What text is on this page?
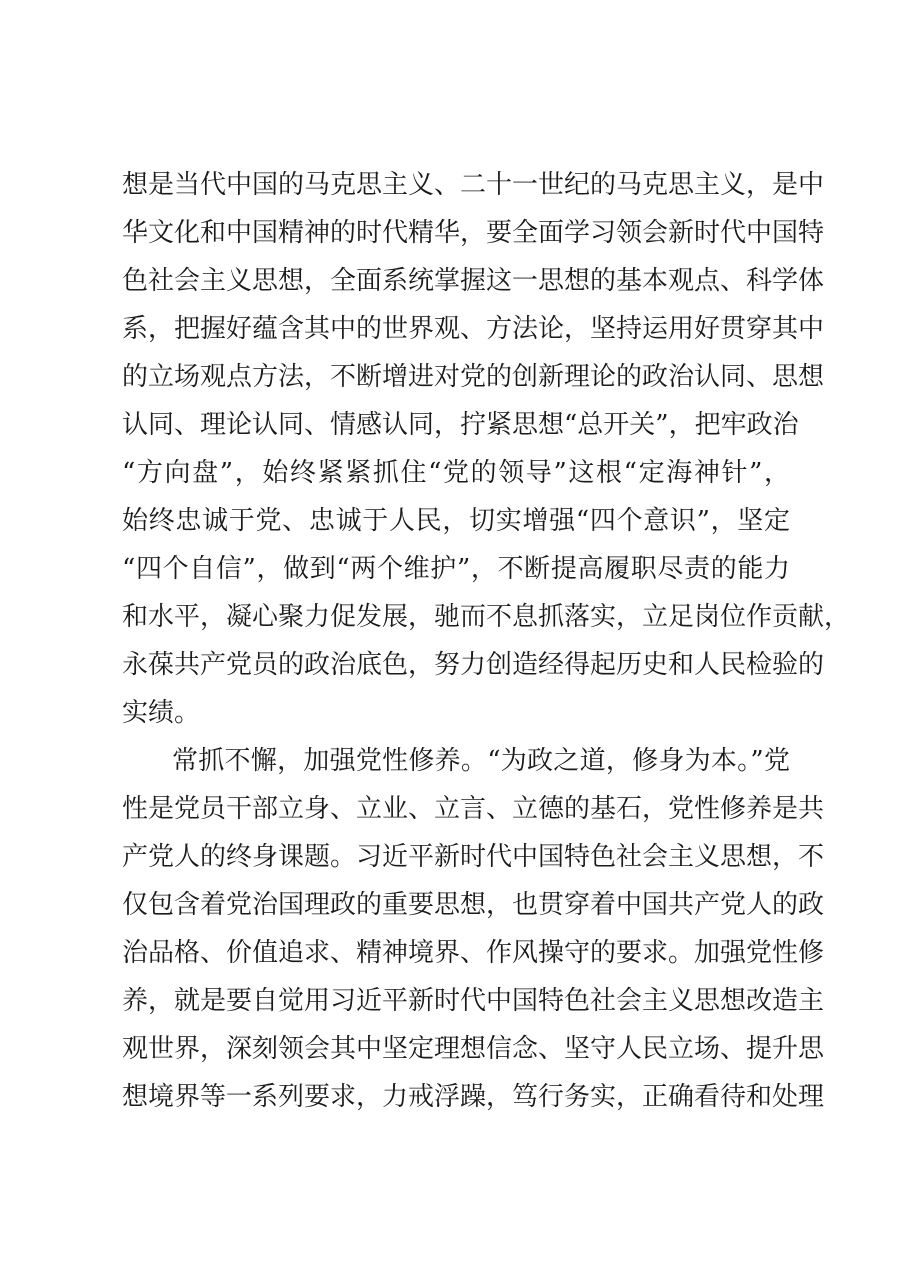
想是当代中国的马克思主义、二十一世纪的马克思主义，是中
华文化和中国精神的时代精华，要全面学习领会新时代中国特
色社会主义思想，全面系统掌握这一思想的基本观点、科学体
系，把握好蕴含其中的世界观、方法论，坚持运用好贯穿其中
的立场观点方法，不断增进对党的创新理论的政治认同、思想
认同、理论认同、情感认同，拧紧思想“总开关”，把牢政治
“方向盘”，始终紧紧抓住“党的领导”这根“定海神针”，
始终忠诚于党、忠诚于人民，切实增强“四个意识”，坚定
“四个自信”，做到“两个维护”，不断提高履职尽责的能力
和水平，凝心聚力促发展，驰而不息抓落实，立足岗位作贡献，
永葆共产党员的政治底色，努力创造经得起历史和人民检验的
实绩。
常抓不懈，加强党性修养。“为政之道，修身为本。”党
性是党员干部立身、立业、立言、立德的基石，党性修养是共
产党人的终身课题。习近平新时代中国特色社会主义思想，不
仅包含着党治国理政的重要思想，也贯穿着中国共产党人的政
治品格、价值追求、精神境界、作风操守的要求。加强党性修
养，就是要自觉用习近平新时代中国特色社会主义思想改造主
观世界，深刻领会其中坚定理想信念、坚守人民立场、提升思
想境界等一系列要求，力戒浮躁，笃行务实，正确看待和处理
